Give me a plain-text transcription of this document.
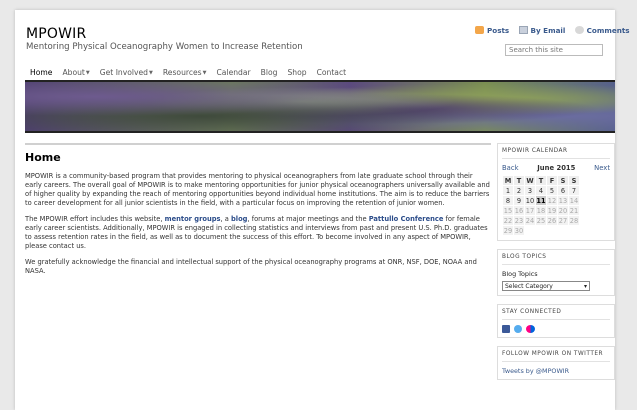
MPOWIR
Mentoring Physical Oceanography Women to Increase Retention
Posts	By Email	Comments
Search this site
Home	About▼	Get Involved▼	Resources▼	Calendar	Blog	Shop	Contact
Home

MPOWIR is a community-based program that provides mentoring to physical oceanographers from late graduate school through their early careers. The overall goal of MPOWIR is to make mentoring opportunities for junior physical oceanographers universally available and of higher quality by expanding the reach of mentoring opportunities beyond individual home institutions. The aim is to reduce the barriers to career development for all junior scientists in the field, with a particular focus on improving the retention of junior women.

The MPOWIR effort includes this website, mentor groups, a blog, forums at major meetings and the Pattullo Conference for female early career scientists. Additionally, MPOWIR is engaged in collecting statistics and interviews from past and present U.S. Ph.D. graduates to assess retention rates in the field, as well as to document the success of this effort. To become involved in any aspect of MPOWIR, please contact us.

We gratefully acknowledge the financial and intellectual support of the physical oceanography programs at ONR, NSF, DOE, NOAA and NASA.

MPOWIR CALENDAR
Back	June 2015	Next
M	T	W	T	F	S	S
1	2	3	4	5	6	7
8	9	10	11	12	13	14
15	16	17	18	19	20	21
22	23	24	25	26	27	28
29	30					
BLOG TOPICS
Blog Topics
Select Category	▾
STAY CONNECTED
FOLLOW MPOWIR ON TWITTER
Tweets by @MPOWIR
